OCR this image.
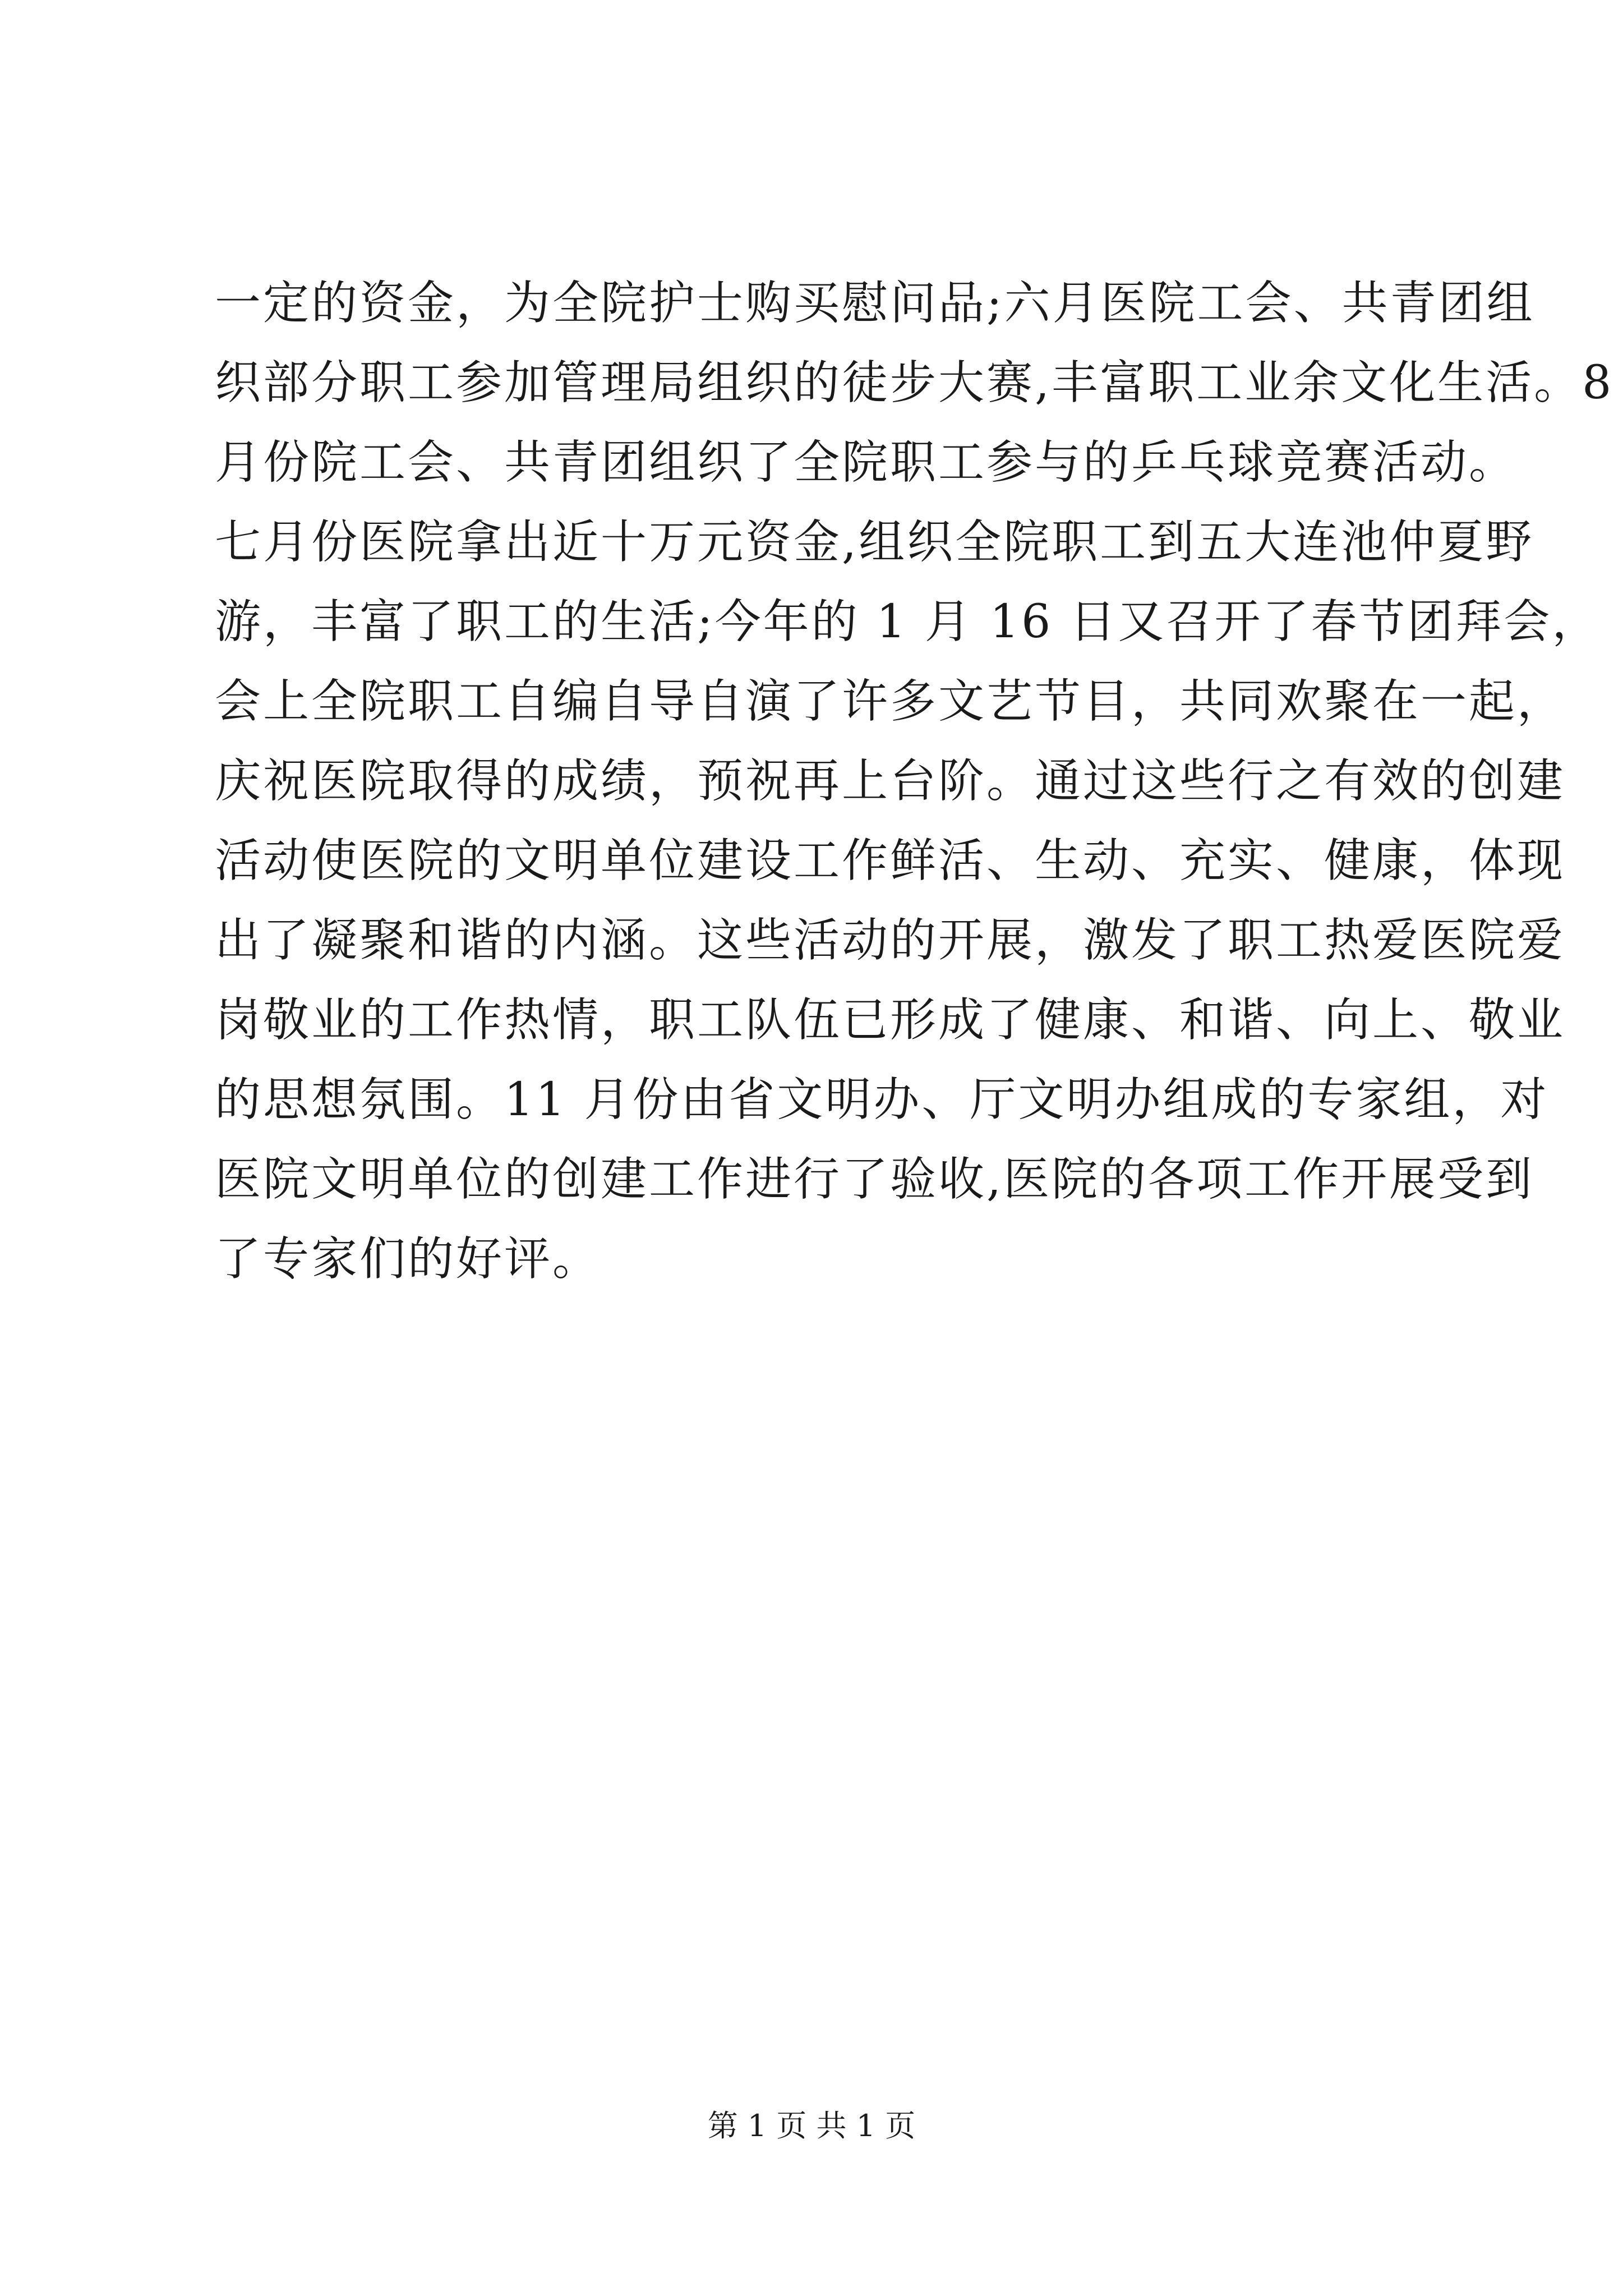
一定的资金，为全院护士购买慰问品;六月医院工会、共青团组
织部分职工参加管理局组织的徒步大赛,丰富职工业余文化生活。8
月份院工会、共青团组织了全院职工参与的乒乓球竞赛活动。
七月份医院拿出近十万元资金,组织全院职工到五大连池仲夏野
游，丰富了职工的生活;今年的 1 月 16 日又召开了春节团拜会，
会上全院职工自编自导自演了许多文艺节目，共同欢聚在一起，
庆祝医院取得的成绩，预祝再上台阶。通过这些行之有效的创建
活动使医院的文明单位建设工作鲜活、生动、充实、健康，体现
出了凝聚和谐的内涵。这些活动的开展，激发了职工热爱医院爱
岗敬业的工作热情，职工队伍已形成了健康、和谐、向上、敬业
的思想氛围。11 月份由省文明办、厅文明办组成的专家组，对
医院文明单位的创建工作进行了验收,医院的各项工作开展受到
了专家们的好评。
第 1 页 共 1 页
